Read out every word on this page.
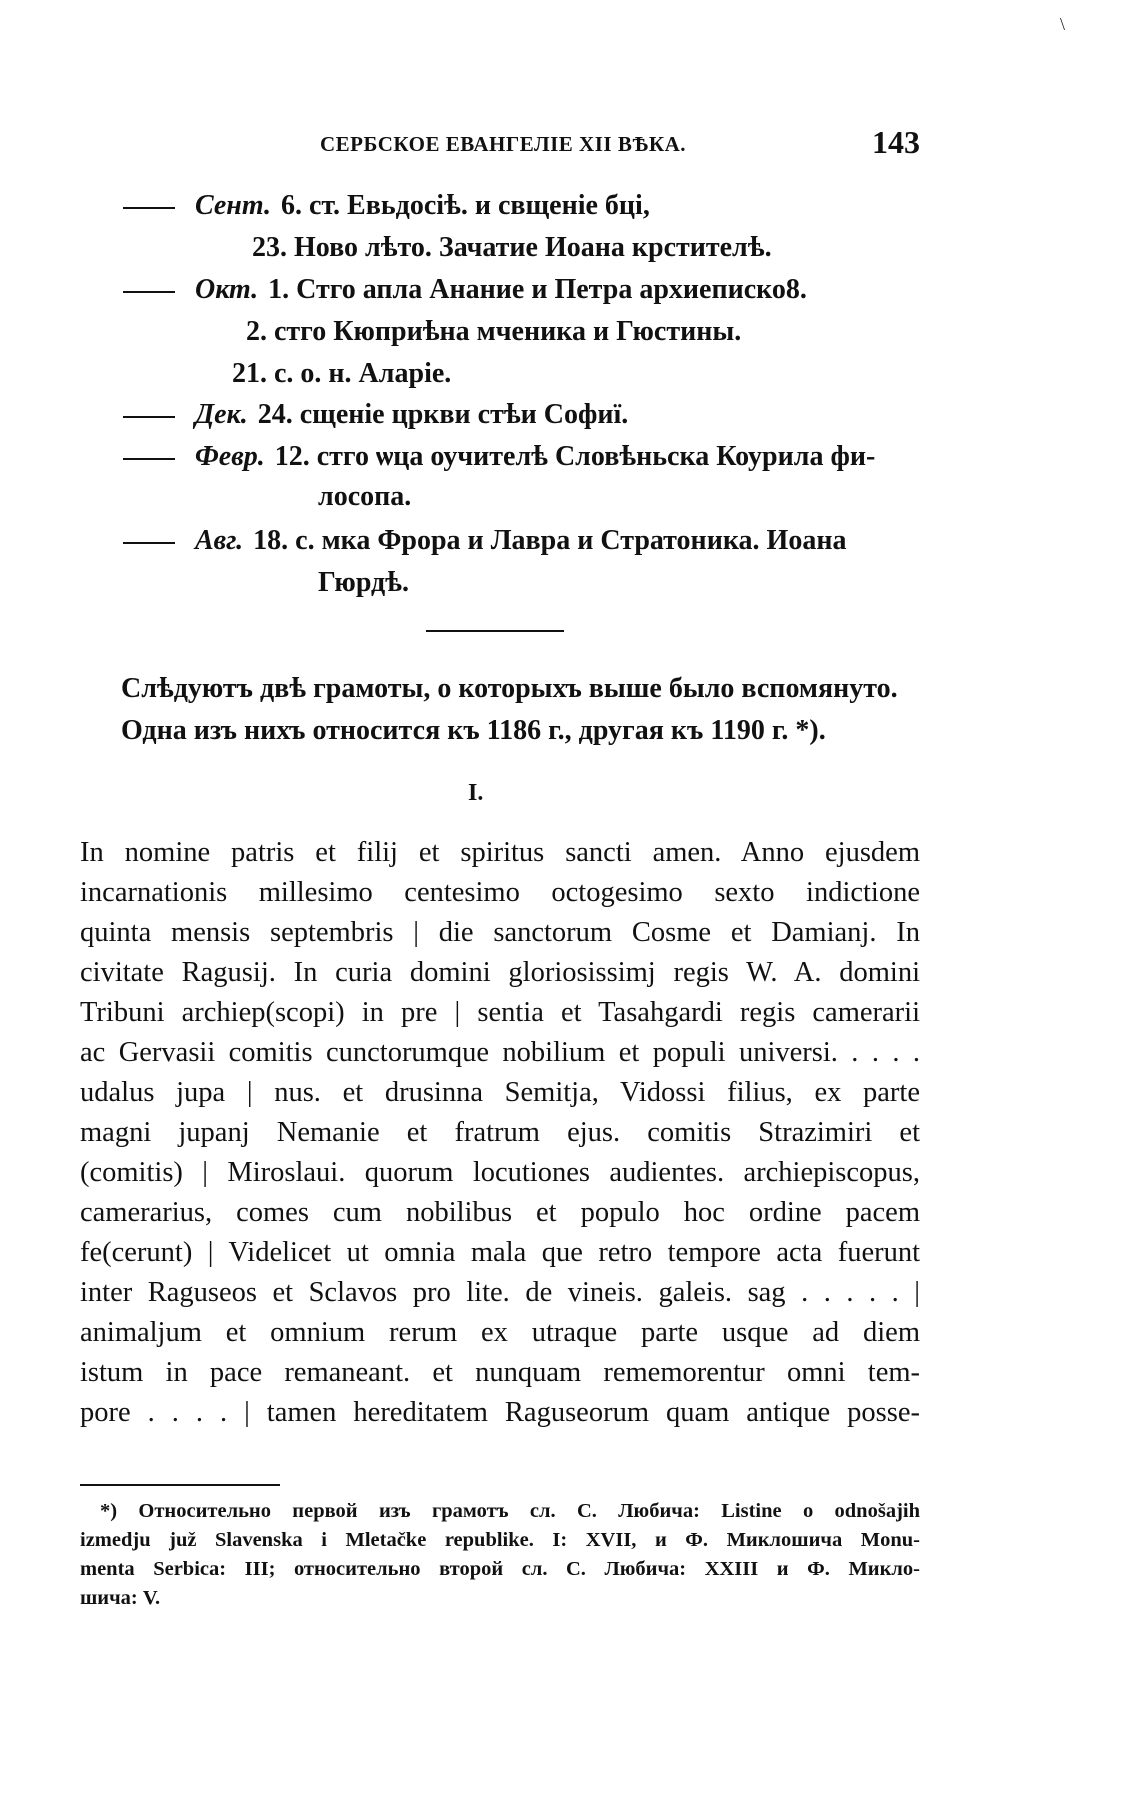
\
СЕРБСКОЕ ЕВАНГЕЛIЕ XII ВѢКА.	143
Сент. 6. ст. Евьдосiѣ. и свщенiе бцi,
23. Ново лѣто. Зачатие Иоана крстителѣ.
Окт. 1. Стго апла Анание и Петра архиеписко8.
2. стго Кюприѣна мченика и Гюстины.
21. с. о. н. Аларiе.
Дек. 24. сщенiе цркви стѣи Софиї.
Февр. 12. стго ѡца оучителѣ Словѣньска Коурила фи-
лосопа.
Авг. 18. с. мка Фрора и Лавра и Стратоника. Иоана
Гюрдѣ.
Слѣдуютъ двѣ грамоты, о которыхъ выше было вспомянуто.
Одна изъ нихъ относится къ 1186 г., другая къ 1190 г. *).
I.
In nomine patris et filij et spiritus sancti amen. Anno ejusdem
incarnationis millesimo centesimo octogesimo sexto indictione
quinta mensis septembris | die sanctorum Cosme et Damianj. In
civitate Ragusij. In curia domini gloriosissimj regis W. A. domini
Tribuni archiep(scopi) in pre | sentia et Tasahgardi regis camerarii
ac Gervasii comitis cunctorumque nobilium et populi universi. . . . .
udalus jupa | nus. et drusinna Semitja, Vidossi filius, ex parte
magni jupanj Nemanie et fratrum ejus. comitis Strazimiri et
(comitis) | Miroslaui. quorum locutiones audientes. archiepiscopus,
camerarius, comes cum nobilibus et populo hoc ordine pacem
fe(cerunt) | Videlicet ut omnia mala que retro tempore acta fuerunt
inter Raguseos et Sclavos pro lite. de vineis. galeis. sag . . . . . |
animaljum et omnium rerum ex utraque parte usque ad diem
istum in pace remaneant. et nunquam rememorentur omni tem-
pore . . . . | tamen hereditatem Raguseorum quam antique posse-
*) Относительно первой изъ грамотъ сл. С. Любича: Listine o odnošajih
izmedju juž Slavenska i Mletačke republike. I: XVII, и Ф. Миклошича Monu-
menta Serbica: III; относительно второй сл. С. Любича: XXIII и Ф. Микло-
шича: V.
